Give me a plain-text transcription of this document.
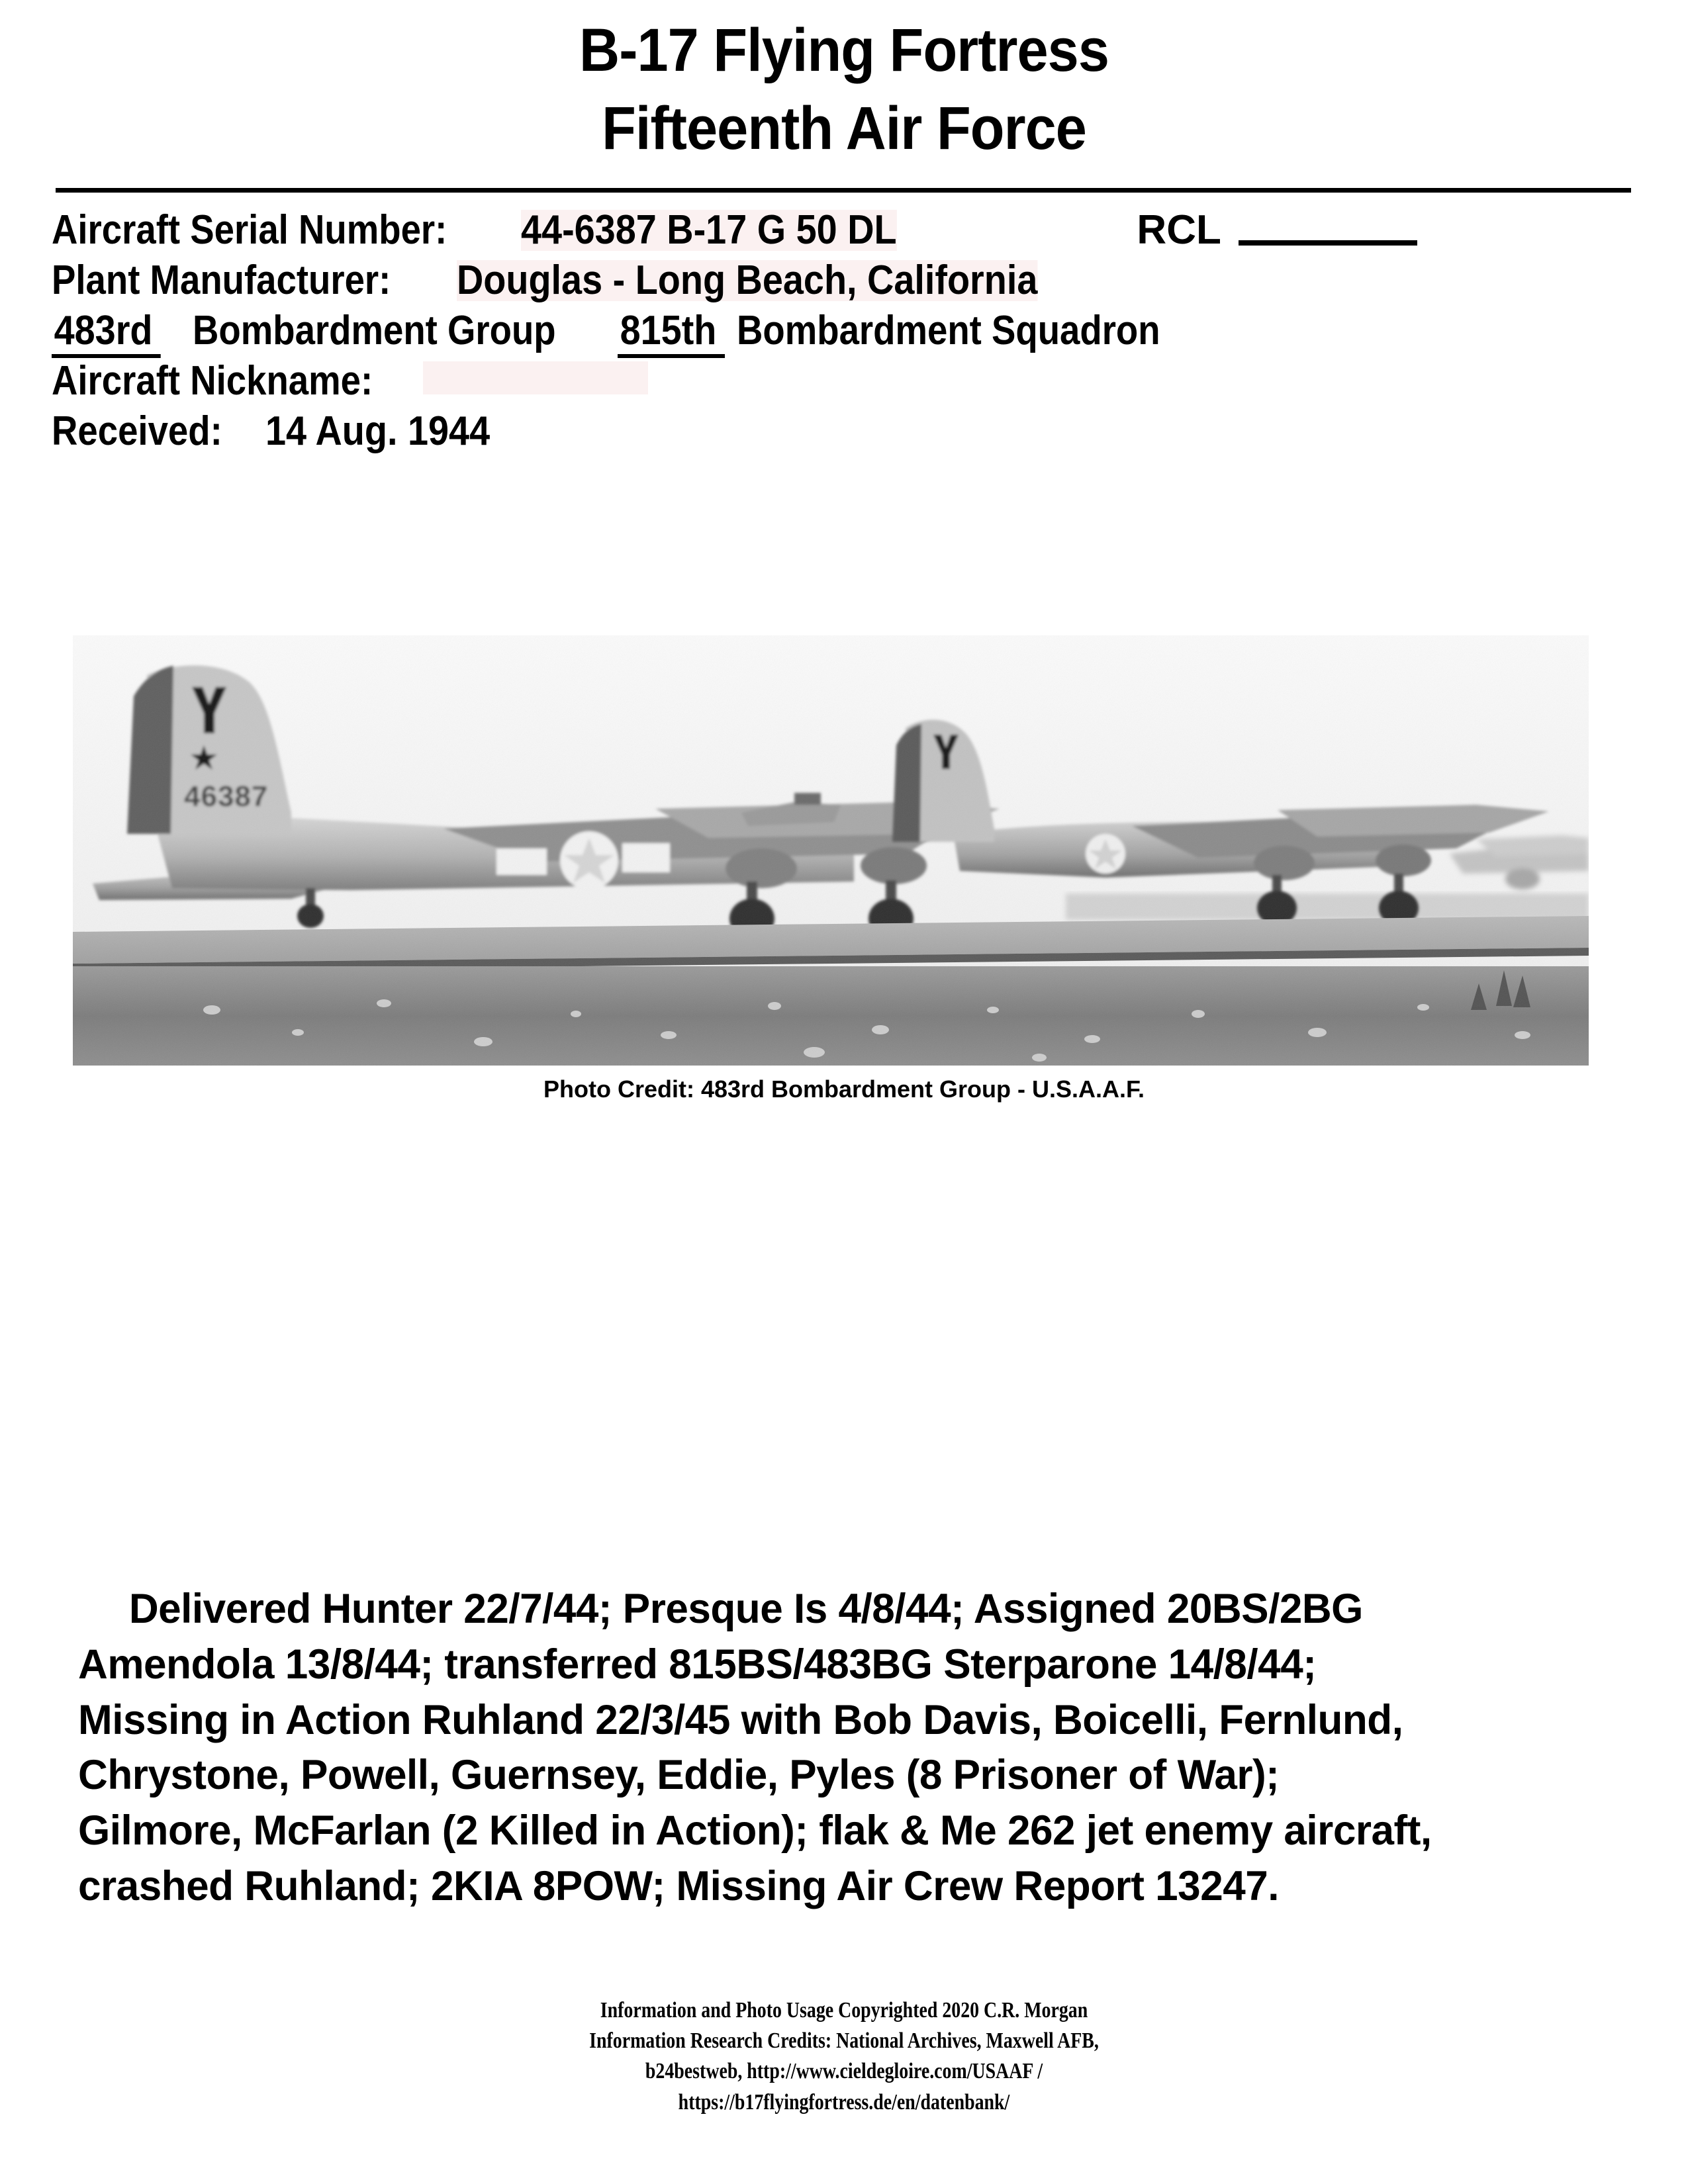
B-17 Flying Fortress
Fifteenth Air Force
Aircraft Serial Number: 44-6387 B-17 G 50 DL	RCL
Plant Manufacturer: Douglas - Long Beach, California
483rd Bombardment Group 815th Bombardment Squadron
Aircraft Nickname:
Received: 14 Aug. 1944
Photo Credit: 483rd Bombardment Group - U.S.A.A.F.
Delivered Hunter 22/7/44; Presque Is 4/8/44; Assigned 20BS/2BG
Amendola 13/8/44; transferred 815BS/483BG Sterparone 14/8/44;
Missing in Action Ruhland 22/3/45 with Bob Davis, Boicelli, Fernlund,
Chrystone, Powell, Guernsey, Eddie, Pyles (8 Prisoner of War);
Gilmore, McFarlan (2 Killed in Action); flak & Me 262 jet enemy aircraft,
crashed Ruhland; 2KIA 8POW; Missing Air Crew Report 13247.
Information and Photo Usage Copyrighted 2020 C.R. Morgan
Information Research Credits: National Archives, Maxwell AFB,
b24bestweb, http://www.cieldegloire.com/USAAF /
https://b17flyingfortress.de/en/datenbank/
